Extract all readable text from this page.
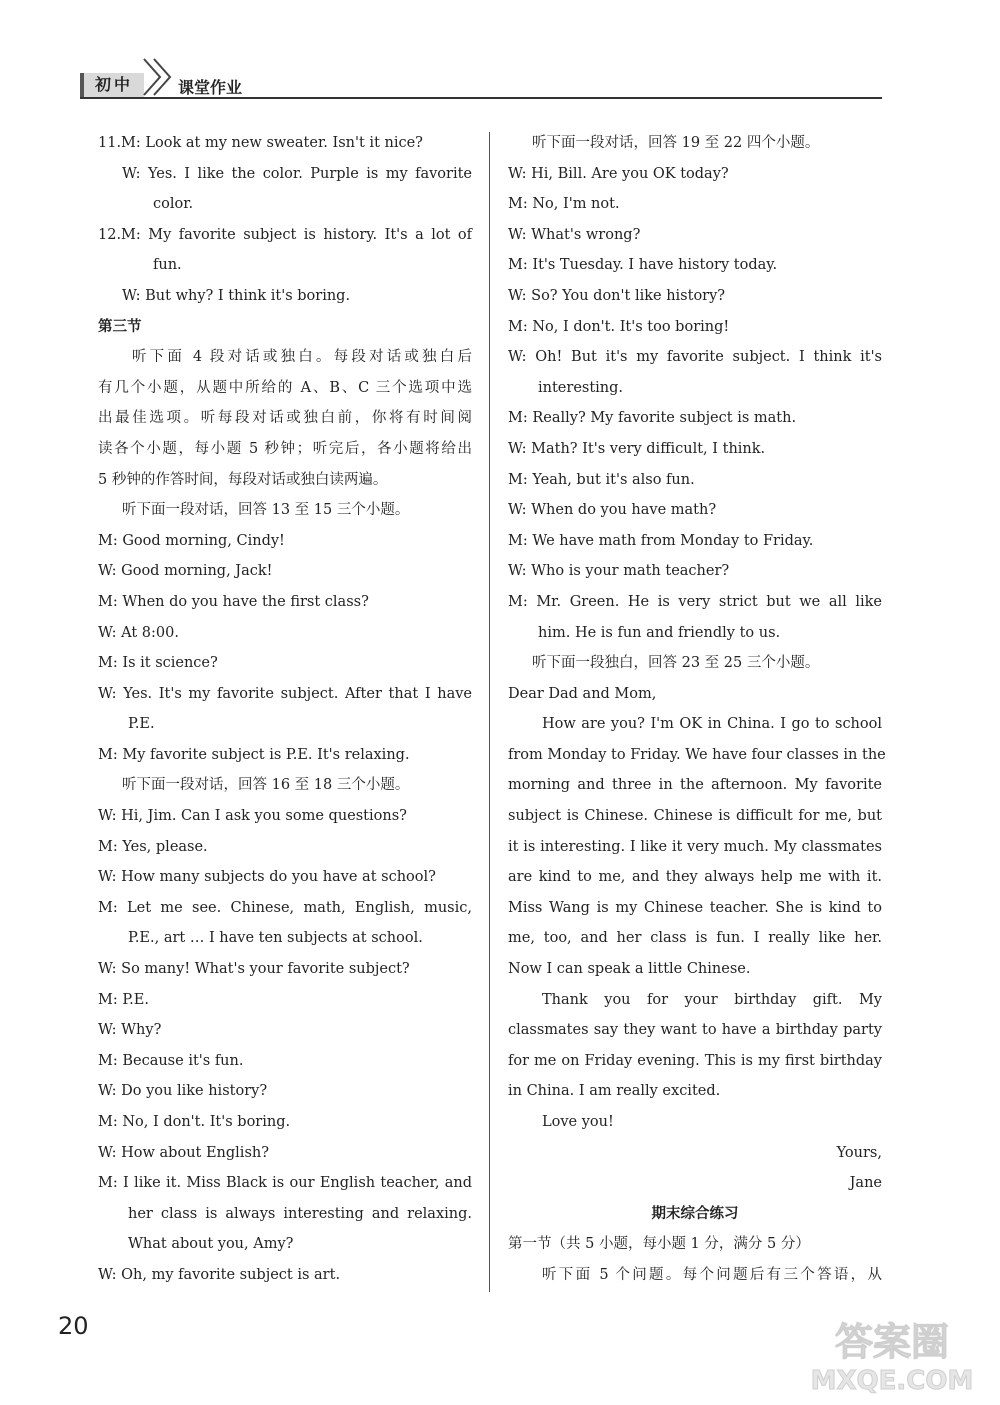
初中	课堂作业
11.M: Look at my new sweater. Isn't it nice?
W: Yes. I like the color. Purple is my favorite
color.
12.M: My favorite subject is history. It's a lot of
fun.
W: But why? I think it's boring.
第三节
听下面 4 段对话或独白。每段对话或独白后
有几个小题，从题中所给的 A、B、C 三个选项中选
出最佳选项。听每段对话或独白前，你将有时间阅
读各个小题，每小题 5 秒钟；听完后，各小题将给出
5 秒钟的作答时间，每段对话或独白读两遍。
听下面一段对话，回答 13 至 15 三个小题。
M: Good morning, Cindy!
W: Good morning, Jack!
M: When do you have the first class?
W: At 8:00.
M: Is it science?
W: Yes. It's my favorite subject. After that I have
P.E.
M: My favorite subject is P.E. It's relaxing.
听下面一段对话，回答 16 至 18 三个小题。
W: Hi, Jim. Can I ask you some questions?
M: Yes, please.
W: How many subjects do you have at school?
M: Let me see. Chinese, math, English, music,
P.E., art … I have ten subjects at school.
W: So many! What's your favorite subject?
M: P.E.
W: Why?
M: Because it's fun.
W: Do you like history?
M: No, I don't. It's boring.
W: How about English?
M: I like it. Miss Black is our English teacher, and
her class is always interesting and relaxing.
What about you, Amy?
W: Oh, my favorite subject is art.
听下面一段对话，回答 19 至 22 四个小题。
W: Hi, Bill. Are you OK today?
M: No, I'm not.
W: What's wrong?
M: It's Tuesday. I have history today.
W: So? You don't like history?
M: No, I don't. It's too boring!
W: Oh! But it's my favorite subject. I think it's
interesting.
M: Really? My favorite subject is math.
W: Math? It's very difficult, I think.
M: Yeah, but it's also fun.
W: When do you have math?
M: We have math from Monday to Friday.
W: Who is your math teacher?
M: Mr. Green. He is very strict but we all like
him. He is fun and friendly to us.
听下面一段独白，回答 23 至 25 三个小题。
Dear Dad and Mom,
How are you? I'm OK in China. I go to school
from Monday to Friday. We have four classes in the
morning and three in the afternoon. My favorite
subject is Chinese. Chinese is difficult for me, but
it is interesting. I like it very much. My classmates
are kind to me, and they always help me with it.
Miss Wang is my Chinese teacher. She is kind to
me, too, and her class is fun. I really like her.
Now I can speak a little Chinese.
Thank you for your birthday gift. My
classmates say they want to have a birthday party
for me on Friday evening. This is my first birthday
in China. I am really excited.
Love you!
Yours,
Jane
期末综合练习
第一节（共 5 小题，每小题 1 分，满分 5 分）
听下面 5 个问题。每个问题后有三个答语，从
20	答案圈
MXQE.COM
